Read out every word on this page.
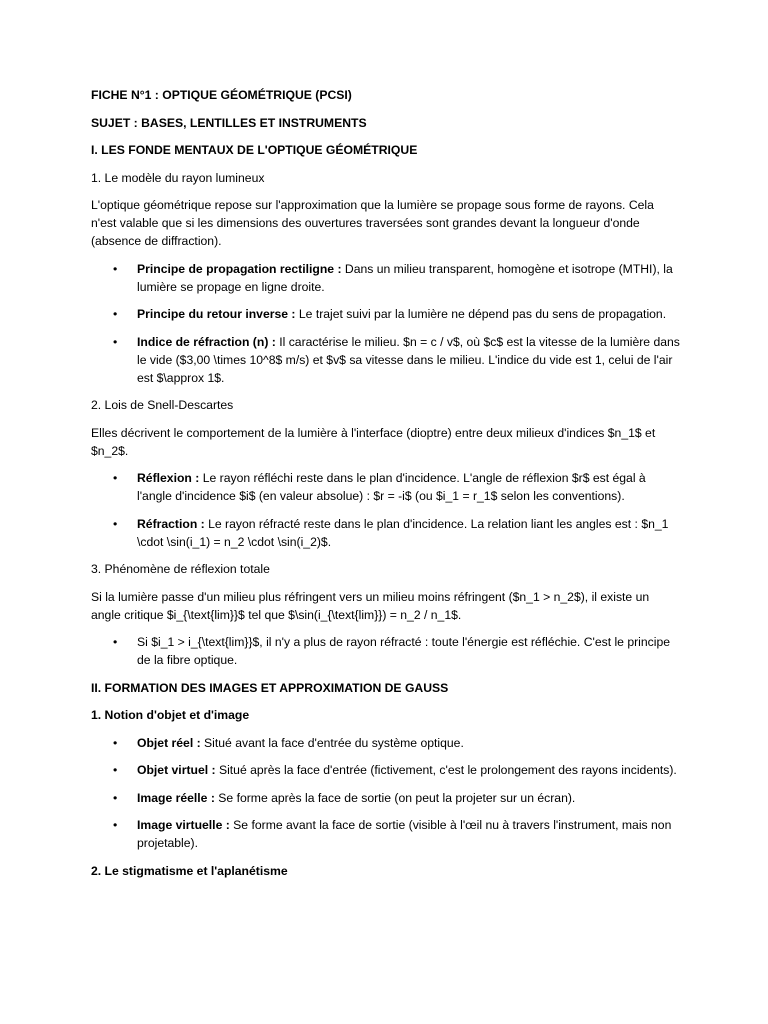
FICHE N°1 : OPTIQUE GÉOMÉTRIQUE (PCSI)

SUJET : BASES, LENTILLES ET INSTRUMENTS

I. LES FONDE MENTAUX DE L'OPTIQUE GÉOMÉTRIQUE

1. Le modèle du rayon lumineux

L'optique géométrique repose sur l'approximation que la lumière se propage sous forme de rayons. Cela n'est valable que si les dimensions des ouvertures traversées sont grandes devant la longueur d'onde (absence de diffraction).

• Principe de propagation rectiligne : Dans un milieu transparent, homogène et isotrope (MTHI), la lumière se propage en ligne droite.
• Principe du retour inverse : Le trajet suivi par la lumière ne dépend pas du sens de propagation.
• Indice de réfraction (n) : Il caractérise le milieu. $n = c / v$, où $c$ est la vitesse de la lumière dans le vide ($3,00 \times 10^8$ m/s) et $v$ sa vitesse dans le milieu. L'indice du vide est 1, celui de l'air est $\approx 1$.

2. Lois de Snell-Descartes

Elles décrivent le comportement de la lumière à l'interface (dioptre) entre deux milieux d'indices $n_1$ et $n_2$.

• Réflexion : Le rayon réfléchi reste dans le plan d'incidence. L'angle de réflexion $r$ est égal à l'angle d'incidence $i$ (en valeur absolue) : $r = -i$ (ou $i_1 = r_1$ selon les conventions).
• Réfraction : Le rayon réfracté reste dans le plan d'incidence. La relation liant les angles est : $n_1 \cdot \sin(i_1) = n_2 \cdot \sin(i_2)$.

3. Phénomène de réflexion totale

Si la lumière passe d'un milieu plus réfringent vers un milieu moins réfringent ($n_1 > n_2$), il existe un angle critique $i_{\text{lim}}$ tel que $\sin(i_{\text{lim}}) = n_2 / n_1$.

• Si $i_1 > i_{\text{lim}}$, il n'y a plus de rayon réfracté : toute l'énergie est réfléchie. C'est le principe de la fibre optique.

II. FORMATION DES IMAGES ET APPROXIMATION DE GAUSS

1. Notion d'objet et d'image

• Objet réel : Situé avant la face d'entrée du système optique.
• Objet virtuel : Situé après la face d'entrée (fictivement, c'est le prolongement des rayons incidents).
• Image réelle : Se forme après la face de sortie (on peut la projeter sur un écran).
• Image virtuelle : Se forme avant la face de sortie (visible à l'œil nu à travers l'instrument, mais non projetable).

2. Le stigmatisme et l'aplanétisme
